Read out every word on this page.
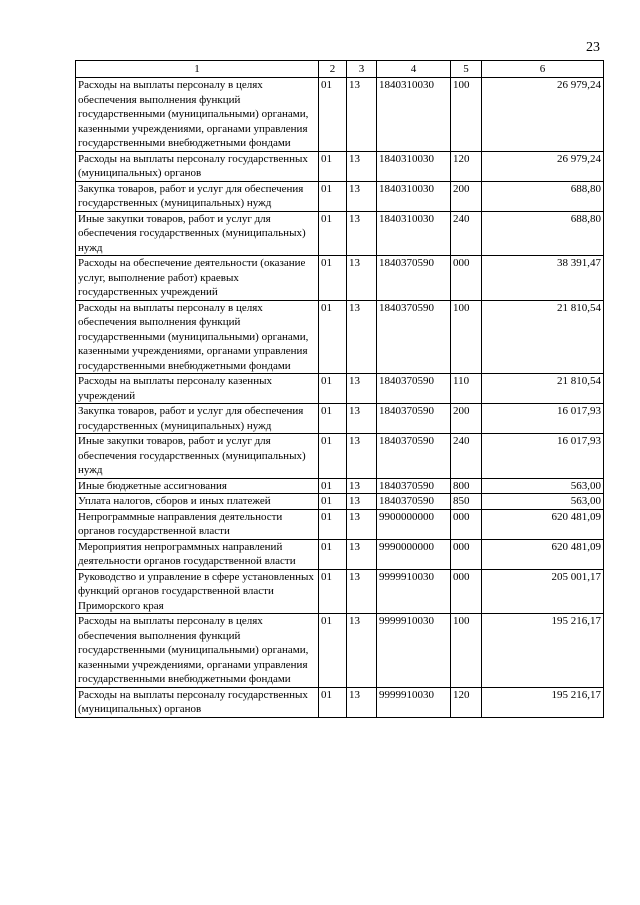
23
1	2	3	4	5	6
Расходы на выплаты персоналу в целях обеспечения выполнения функций государственными (муниципальными) органами, казенными учреждениями, органами управления государственными внебюджетными фондами	01	13	1840310030	100	26 979,24
Расходы на выплаты персоналу государственных (муниципальных) органов	01	13	1840310030	120	26 979,24
Закупка товаров, работ и услуг для обеспечения государственных (муниципальных) нужд	01	13	1840310030	200	688,80
Иные закупки товаров, работ и услуг для обеспечения государственных (муниципальных) нужд	01	13	1840310030	240	688,80
Расходы на обеспечение деятельности (оказание услуг, выполнение работ) краевых государственных учреждений	01	13	1840370590	000	38 391,47
Расходы на выплаты персоналу в целях обеспечения выполнения функций государственными (муниципальными) органами, казенными учреждениями, органами управления государственными внебюджетными фондами	01	13	1840370590	100	21 810,54
Расходы на выплаты персоналу казенных учреждений	01	13	1840370590	110	21 810,54
Закупка товаров, работ и услуг для обеспечения государственных (муниципальных) нужд	01	13	1840370590	200	16 017,93
Иные закупки товаров, работ и услуг для обеспечения государственных (муниципальных) нужд	01	13	1840370590	240	16 017,93
Иные бюджетные ассигнования	01	13	1840370590	800	563,00
Уплата налогов, сборов и иных платежей	01	13	1840370590	850	563,00
Непрограммные направления деятельности органов государственной власти	01	13	9900000000	000	620 481,09
Мероприятия непрограммных направлений деятельности органов государственной власти	01	13	9990000000	000	620 481,09
Руководство и управление в сфере установленных функций органов государственной власти Приморского края	01	13	9999910030	000	205 001,17
Расходы на выплаты персоналу в целях обеспечения выполнения функций государственными (муниципальными) органами, казенными учреждениями, органами управления государственными внебюджетными фондами	01	13	9999910030	100	195 216,17
Расходы на выплаты персоналу государственных (муниципальных) органов	01	13	9999910030	120	195 216,17
